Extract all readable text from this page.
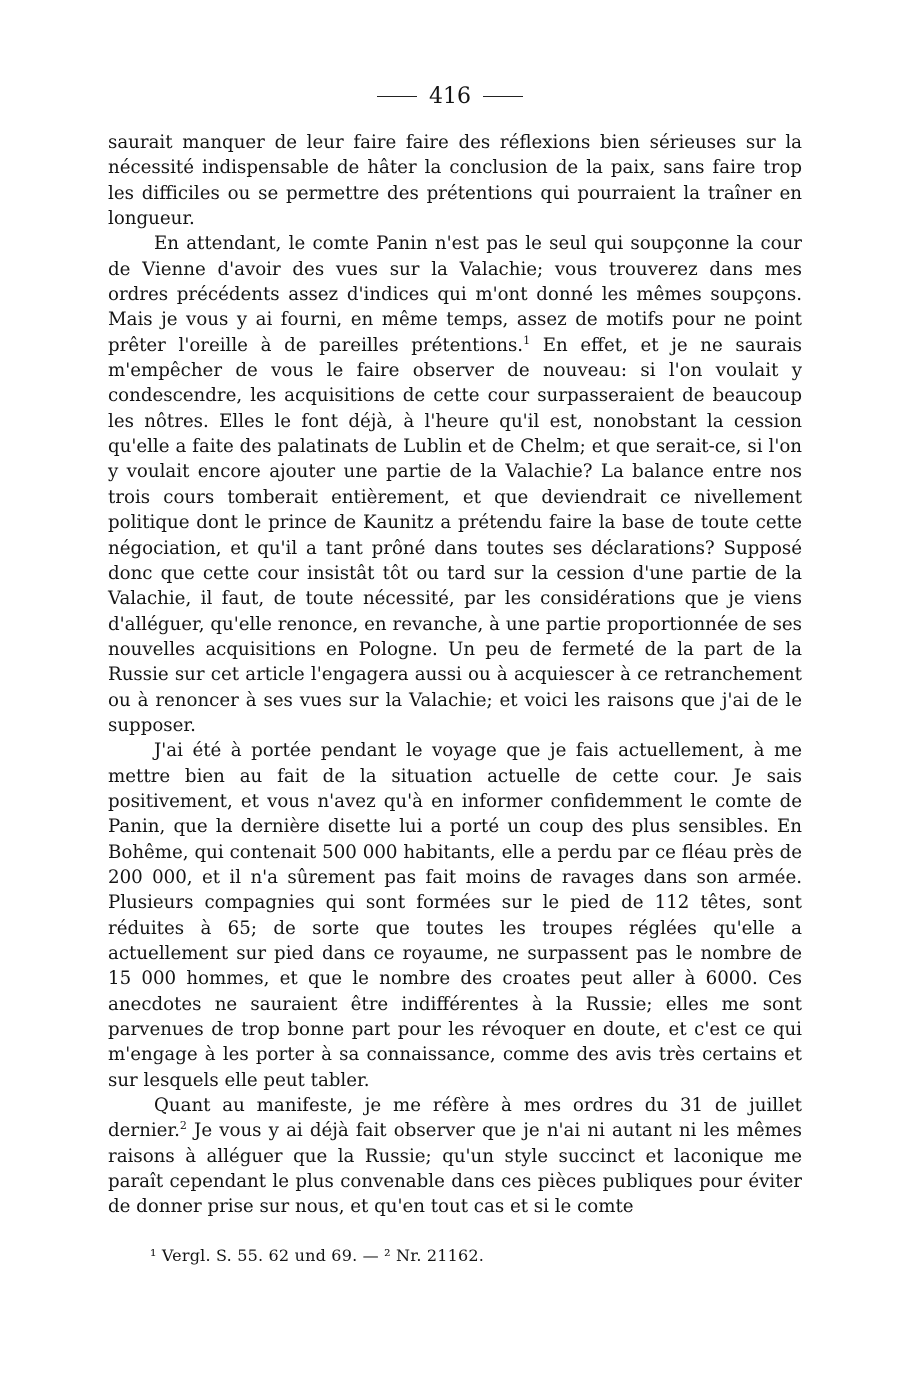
416

saurait manquer de leur faire faire des réflexions bien sérieuses sur la nécessité indispensable de hâter la conclusion de la paix, sans faire trop les difficiles ou se permettre des prétentions qui pourraient la traîner en longueur.

En attendant, le comte Panin n'est pas le seul qui soupçonne la cour de Vienne d'avoir des vues sur la Valachie; vous trouverez dans mes ordres précédents assez d'indices qui m'ont donné les mêmes soupçons. Mais je vous y ai fourni, en même temps, assez de motifs pour ne point prêter l'oreille à de pareilles prétentions.$^1$ En effet, et je ne saurais m'empêcher de vous le faire observer de nouveau: si l'on voulait y condescendre, les acquisitions de cette cour surpasseraient de beaucoup les nôtres. Elles le font déjà, à l'heure qu'il est, nonobstant la cession qu'elle a faite des palatinats de Lublin et de Chelm; et que serait-ce, si l'on y voulait encore ajouter une partie de la Valachie? La balance entre nos trois cours tomberait entièrement, et que deviendrait ce nivellement politique dont le prince de Kaunitz a prétendu faire la base de toute cette négociation, et qu'il a tant prôné dans toutes ses déclarations? Supposé donc que cette cour insistât tôt ou tard sur la cession d'une partie de la Valachie, il faut, de toute nécessité, par les considérations que je viens d'alléguer, qu'elle renonce, en revanche, à une partie proportionnée de ses nouvelles acquisitions en Pologne. Un peu de fermeté de la part de la Russie sur cet article l'engagera aussi ou à acquiescer à ce retranchement ou à renoncer à ses vues sur la Valachie; et voici les raisons que j'ai de le supposer.

J'ai été à portée pendant le voyage que je fais actuellement, à me mettre bien au fait de la situation actuelle de cette cour. Je sais positivement, et vous n'avez qu'à en informer confidemment le comte de Panin, que la dernière disette lui a porté un coup des plus sensibles. En Bohême, qui contenait 500 000 habitants, elle a perdu par ce fléau près de 200 000, et il n'a sûrement pas fait moins de ravages dans son armée. Plusieurs compagnies qui sont formées sur le pied de 112 têtes, sont réduites à 65; de sorte que toutes les troupes réglées qu'elle a actuellement sur pied dans ce royaume, ne surpassent pas le nombre de 15 000 hommes, et que le nombre des croates peut aller à 6000. Ces anecdotes ne sauraient être indifférentes à la Russie; elles me sont parvenues de trop bonne part pour les révoquer en doute, et c'est ce qui m'engage à les porter à sa connaissance, comme des avis très certains et sur lesquels elle peut tabler.

Quant au manifeste, je me réfère à mes ordres du 31 de juillet dernier.$^2$ Je vous y ai déjà fait observer que je n'ai ni autant ni les mêmes raisons à alléguer que la Russie; qu'un style succinct et laconique me paraît cependant le plus convenable dans ces pièces publiques pour éviter de donner prise sur nous, et qu'en tout cas et si le comte

¹ Vergl. S. 55. 62 und 69. — ² Nr. 21162.
